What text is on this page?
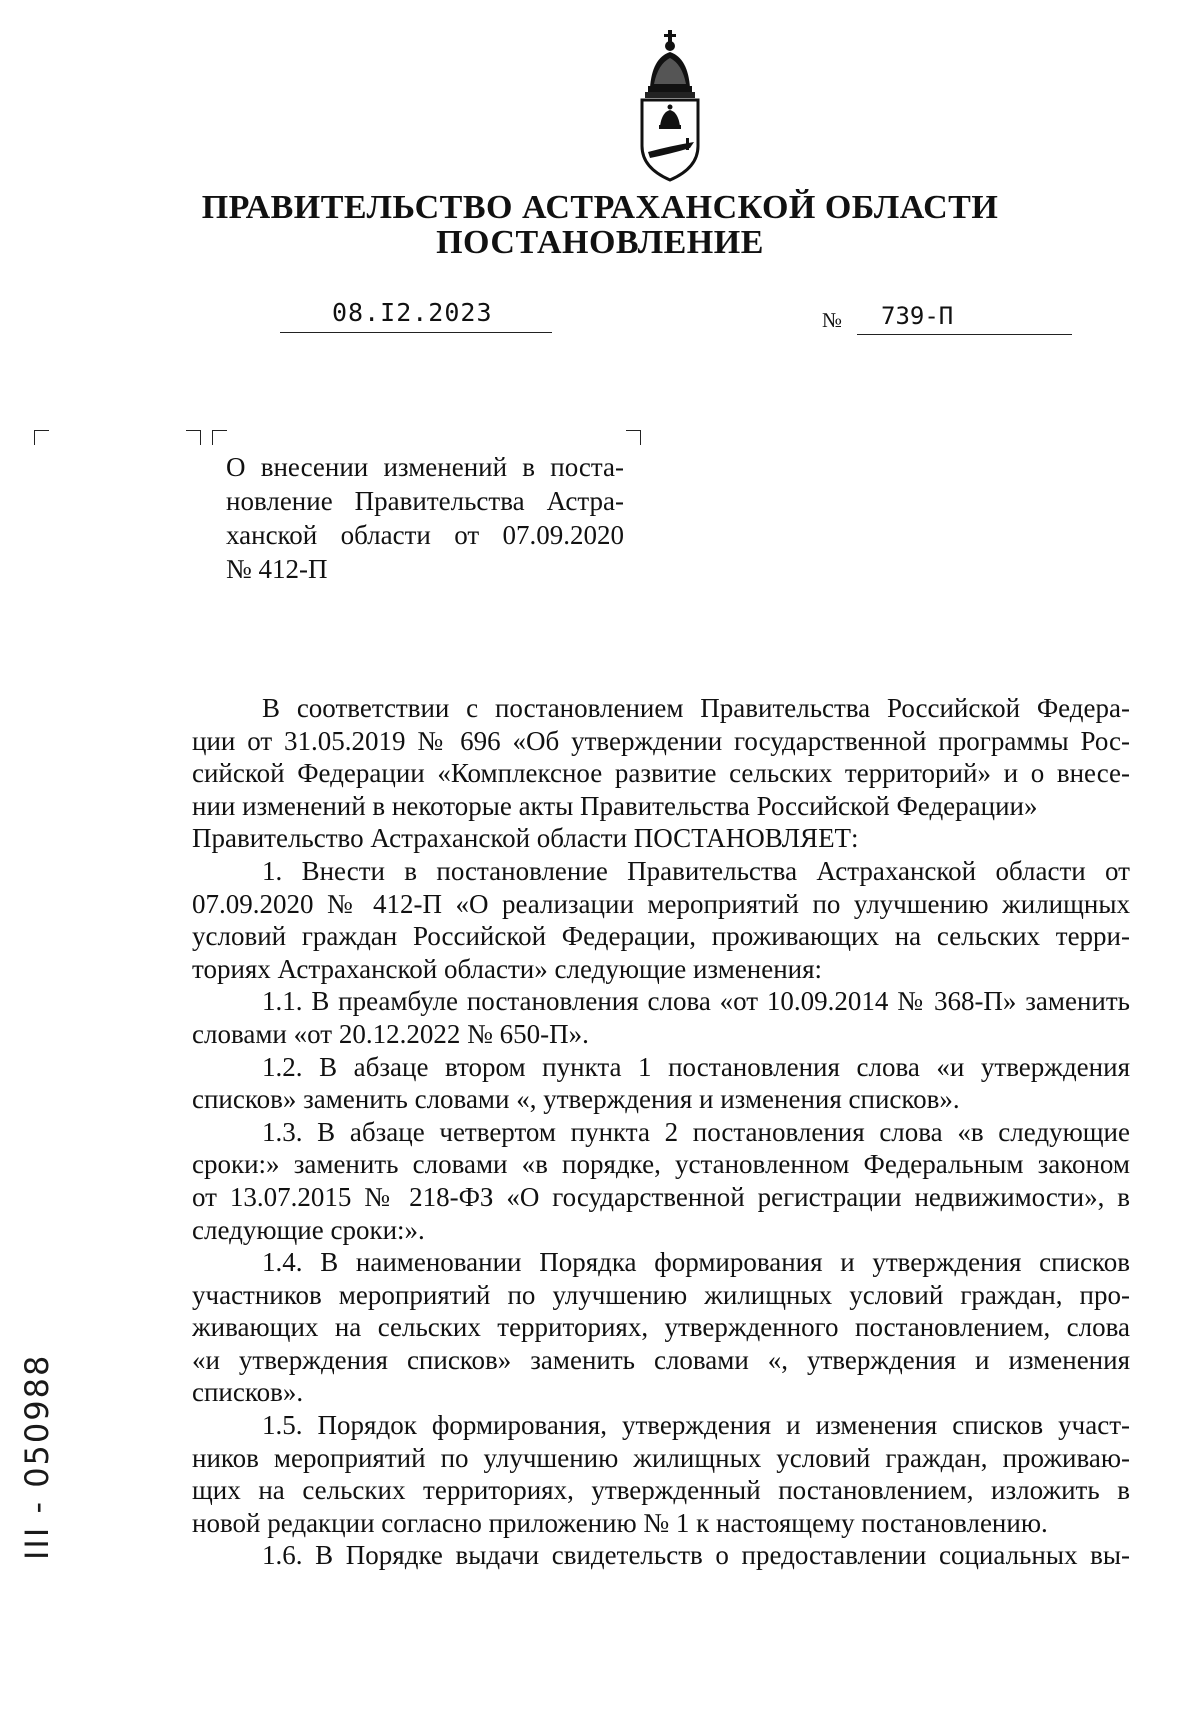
ПРАВИТЕЛЬСТВО АСТРАХАНСКОЙ ОБЛАСТИ
ПОСТАНОВЛЕНИЕ
08.I2.2023	№ 739-П
О внесении изменений в поста-
новление Правительства Астра-
ханской области от 07.09.2020
№ 412-П
В соответствии с постановлением Правительства Российской Федера-
ции от 31.05.2019 № 696 «Об утверждении государственной программы Рос-
сийской Федерации «Комплексное развитие сельских территорий» и о внесе-
нии изменений в некоторые акты Правительства Российской Федерации»
Правительство Астраханской области ПОСТАНОВЛЯЕТ:
1. Внести в постановление Правительства Астраханской области от
07.09.2020 № 412-П «О реализации мероприятий по улучшению жилищных
условий граждан Российской Федерации, проживающих на сельских терри-
ториях Астраханской области» следующие изменения:
1.1. В преамбуле постановления слова «от 10.09.2014 № 368-П» заменить
словами «от 20.12.2022 № 650-П».
1.2. В абзаце втором пункта 1 постановления слова «и утверждения
списков» заменить словами «, утверждения и изменения списков».
1.3. В абзаце четвертом пункта 2 постановления слова «в следующие
сроки:» заменить словами «в порядке, установленном Федеральным законом
от 13.07.2015 № 218-ФЗ «О государственной регистрации недвижимости», в
следующие сроки:».
1.4. В наименовании Порядка формирования и утверждения списков
участников мероприятий по улучшению жилищных условий граждан, про-
живающих на сельских территориях, утвержденного постановлением, слова
«и утверждения списков» заменить словами «, утверждения и изменения
списков».
1.5. Порядок формирования, утверждения и изменения списков участ-
ников мероприятий по улучшению жилищных условий граждан, проживаю-
щих на сельских территориях, утвержденный постановлением, изложить в
новой редакции согласно приложению № 1 к настоящему постановлению.
1.6. В Порядке выдачи свидетельств о предоставлении социальных вы-
ІІІ - 050988
